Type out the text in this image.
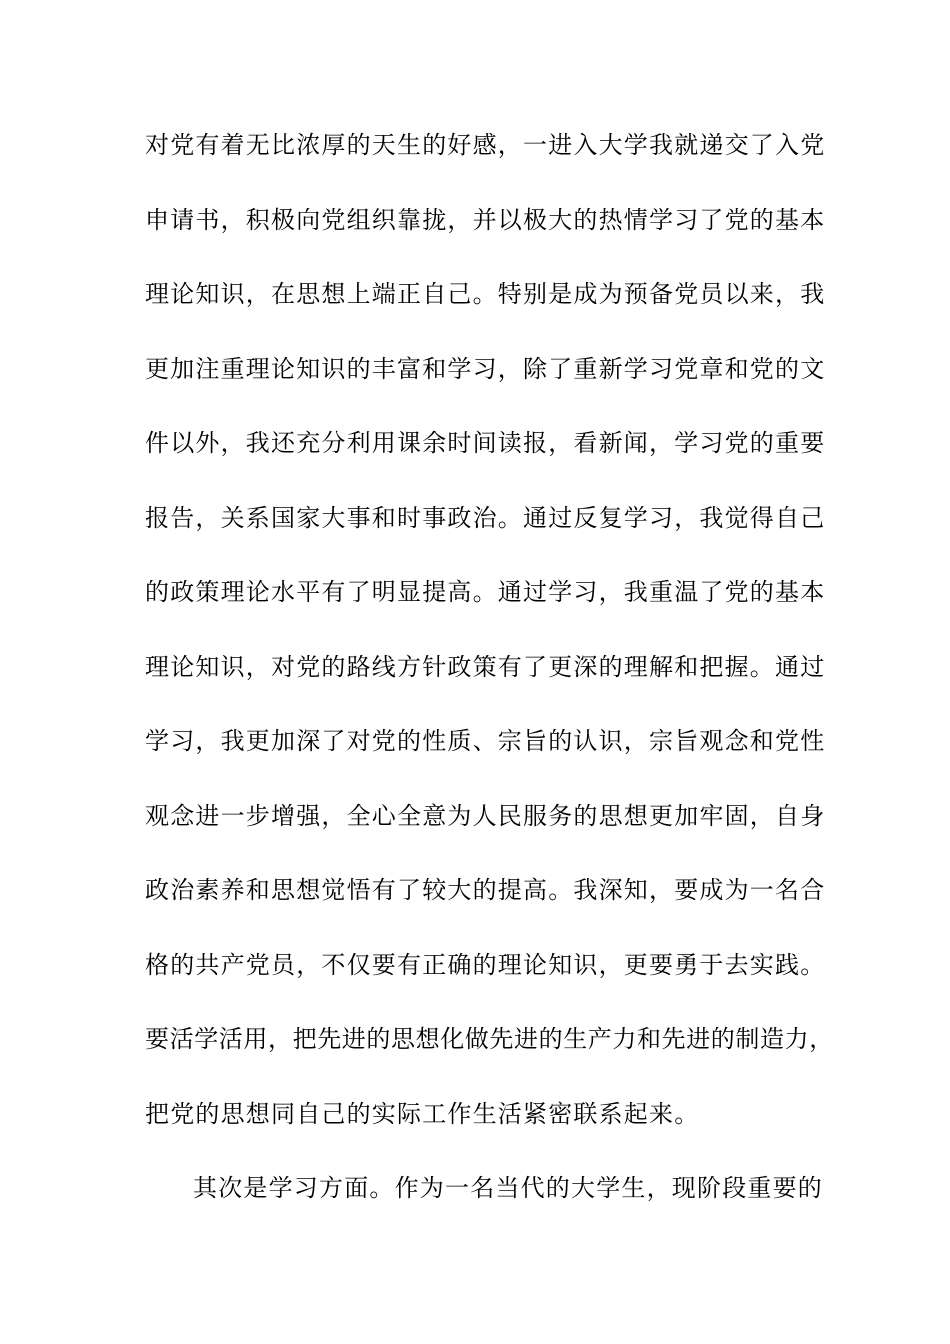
对党有着无比浓厚的天生的好感，一进入大学我就递交了入党
申请书，积极向党组织靠拢，并以极大的热情学习了党的基本
理论知识，在思想上端正自己。特别是成为预备党员以来，我
更加注重理论知识的丰富和学习，除了重新学习党章和党的文
件以外，我还充分利用课余时间读报，看新闻，学习党的重要
报告，关系国家大事和时事政治。通过反复学习，我觉得自己
的政策理论水平有了明显提高。通过学习，我重温了党的基本
理论知识，对党的路线方针政策有了更深的理解和把握。通过
学习，我更加深了对党的性质、宗旨的认识，宗旨观念和党性
观念进一步增强，全心全意为人民服务的思想更加牢固，自身
政治素养和思想觉悟有了较大的提高。我深知，要成为一名合
格的共产党员，不仅要有正确的理论知识，更要勇于去实践。
要活学活用，把先进的思想化做先进的生产力和先进的制造力，
把党的思想同自己的实际工作生活紧密联系起来。
其次是学习方面。作为一名当代的大学生，现阶段重要的
